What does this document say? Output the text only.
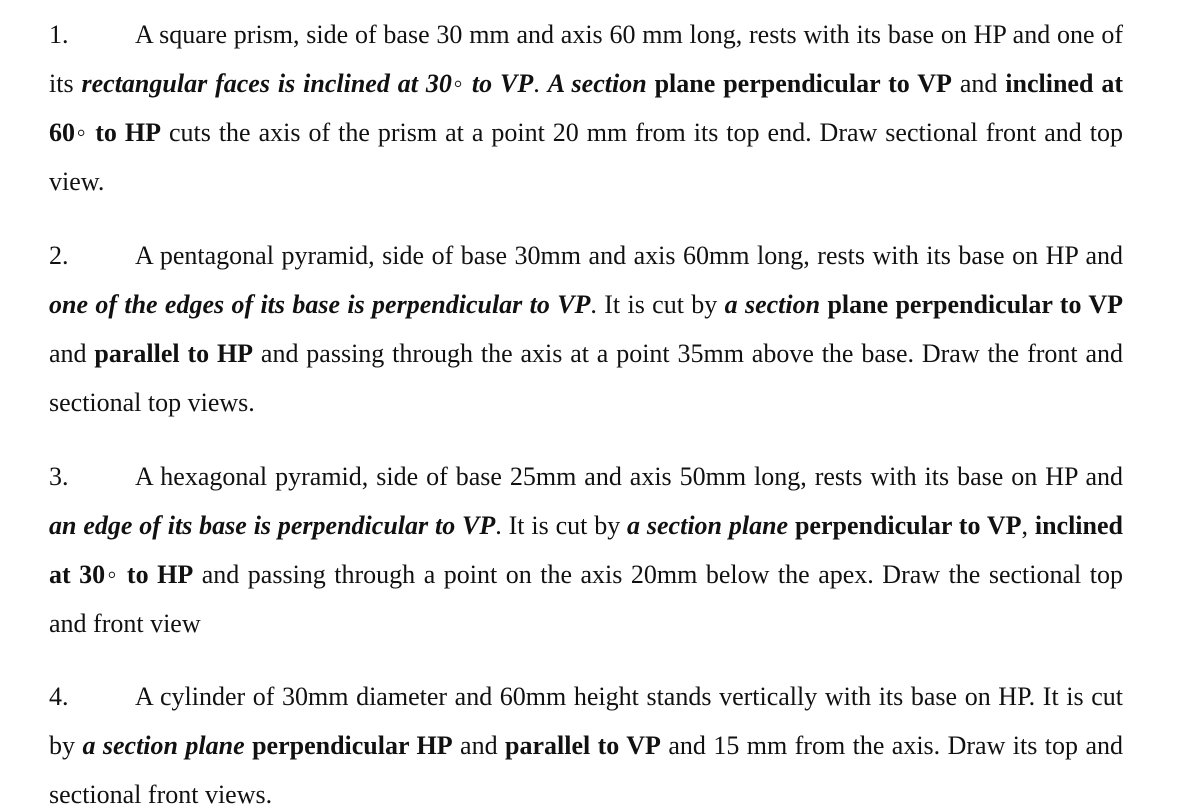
1.	A square prism, side of base 30 mm and axis 60 mm long, rests with its base on HP and one of its rectangular faces is inclined at 30◦ to VP. A section plane perpendicular to VP and inclined at 60◦ to HP cuts the axis of the prism at a point 20 mm from its top end. Draw sectional front and top view.

2.	A pentagonal pyramid, side of base 30mm and axis 60mm long, rests with its base on HP and one of the edges of its base is perpendicular to VP. It is cut by a section plane perpendicular to VP and parallel to HP and passing through the axis at a point 35mm above the base. Draw the front and sectional top views.

3.	A hexagonal pyramid, side of base 25mm and axis 50mm long, rests with its base on HP and an edge of its base is perpendicular to VP. It is cut by a section plane perpendicular to VP, inclined at 30◦ to HP and passing through a point on the axis 20mm below the apex. Draw the sectional top and front view

4.	A cylinder of 30mm diameter and 60mm height stands vertically with its base on HP. It is cut by a section plane perpendicular HP and parallel to VP and 15 mm from the axis. Draw its top and sectional front views.
